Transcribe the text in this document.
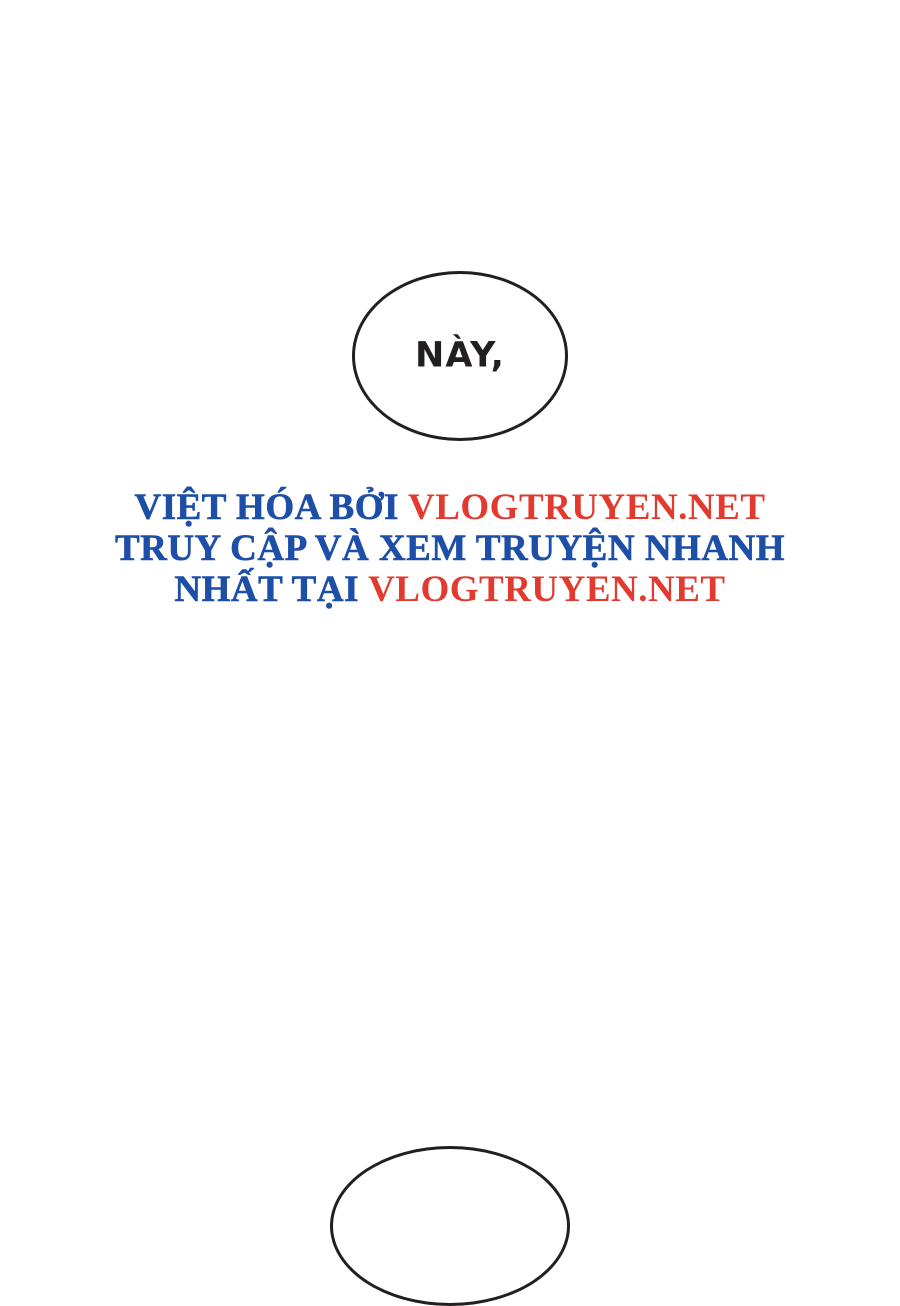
NÀY,
VIỆT HÓA BỞI VLOGTRUYEN.NET
TRUY CẬP VÀ XEM TRUYỆN NHANH
NHẤT TẠI VLOGTRUYEN.NET
